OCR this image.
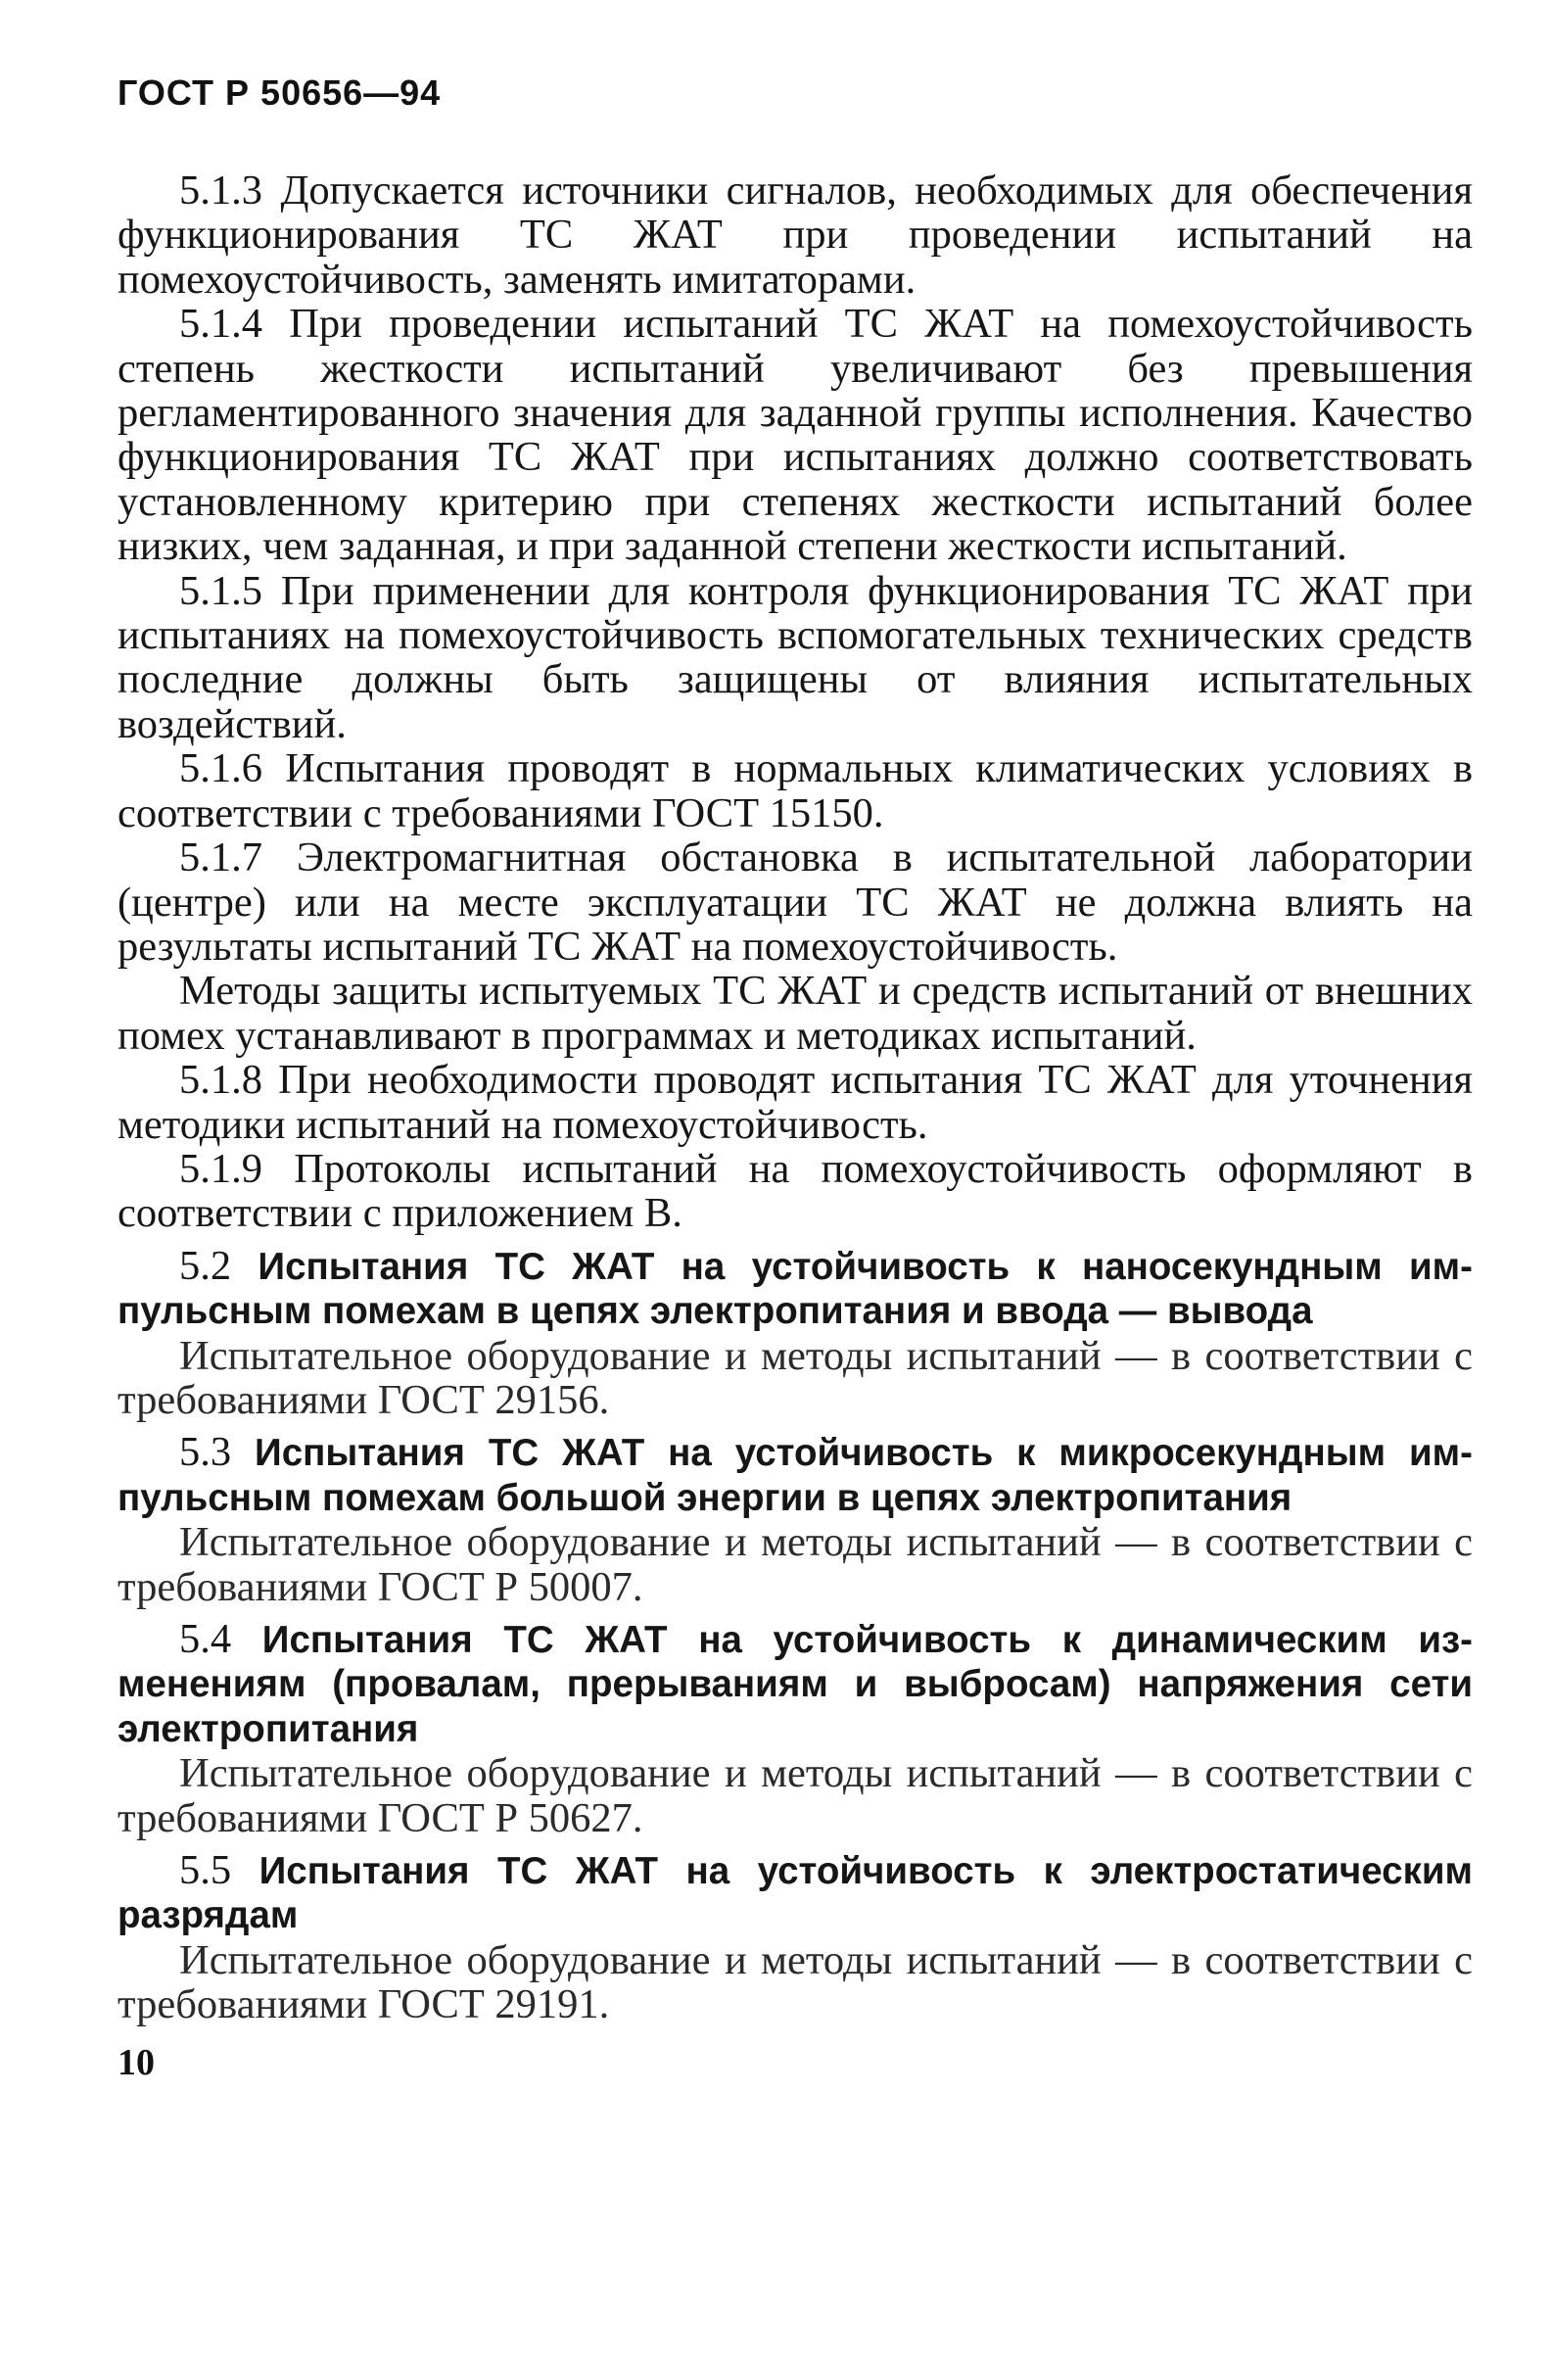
ГОСТ Р 50656—94

5.1.3 Допускается источники сигналов, необходимых для обеспечения функционирования ТС ЖАТ при проведении испытаний на помехоустойчивость, заменять имитаторами.

5.1.4 При проведении испытаний ТС ЖАТ на помехоустойчивость степень жесткости испытаний увеличивают без превышения регламентированного значения для заданной группы исполнения. Качество функционирования ТС ЖАТ при испытаниях должно соответствовать установленному критерию при степенях жесткости испытаний более низких, чем заданная, и при заданной степени жесткости испытаний.

5.1.5 При применении для контроля функционирования ТС ЖАТ при испытаниях на помехоустойчивость вспомогательных технических средств последние должны быть защищены от влияния испытательных воздействий.

5.1.6 Испытания проводят в нормальных климатических условиях в соответствии с требованиями ГОСТ 15150.

5.1.7 Электромагнитная обстановка в испытательной лаборатории (центре) или на месте эксплуатации ТС ЖАТ не должна влиять на результаты испытаний ТС ЖАТ на помехоустойчивость.

Методы защиты испытуемых ТС ЖАТ и средств испытаний от внешних помех устанавливают в программах и методиках испытаний.

5.1.8 При необходимости проводят испытания ТС ЖАТ для уточнения методики испытаний на помехоустойчивость.

5.1.9 Протоколы испытаний на помехоустойчивость оформляют в соответствии с приложением В.

5.2 Испытания ТС ЖАТ на устойчивость к наносекундным импульсным помехам в цепях электропитания и ввода — вывода

Испытательное оборудование и методы испытаний — в соответствии с требованиями ГОСТ 29156.

5.3 Испытания ТС ЖАТ на устойчивость к микросекундным импульсным помехам большой энергии в цепях электропитания

Испытательное оборудование и методы испытаний — в соответствии с требованиями ГОСТ Р 50007.

5.4 Испытания ТС ЖАТ на устойчивость к динамическим изменениям (провалам, прерываниям и выбросам) напряжения сети электропитания

Испытательное оборудование и методы испытаний — в соответствии с требованиями ГОСТ Р 50627.

5.5 Испытания ТС ЖАТ на устойчивость к электростатическим разрядам

Испытательное оборудование и методы испытаний — в соответствии с требованиями ГОСТ 29191.

10
